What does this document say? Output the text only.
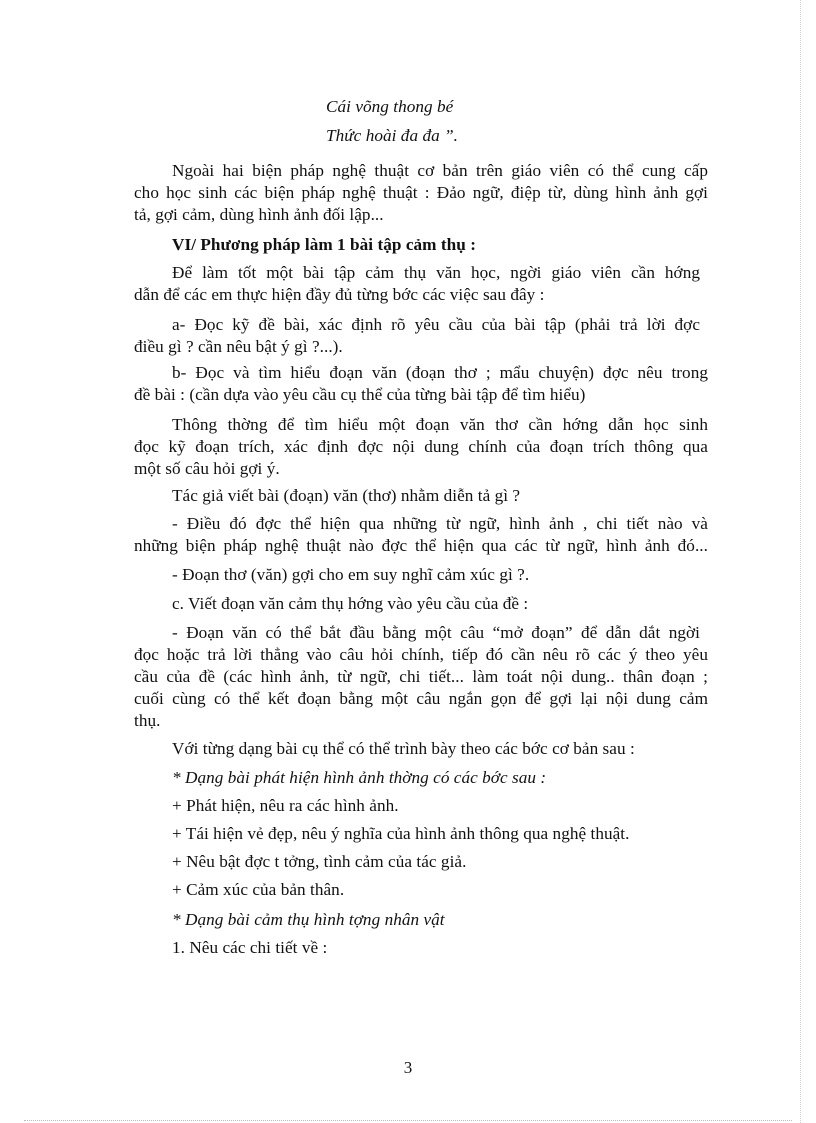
Cái võng thong bé
Thức hoài đa đa ”.
Ngoài hai biện pháp nghệ thuật cơ bản trên giáo viên có thể cung cấp
cho học sinh các biện pháp nghệ thuật : Đảo ngữ, điệp từ, dùng hình ảnh gợi
tả, gợi cảm, dùng hình ảnh đối lập...
VI/ Phương pháp làm 1 bài tập cảm thụ :
Để làm tốt một bài tập cảm thụ văn học, ngời giáo viên cần hớng
dẫn để các em thực hiện đầy đủ từng bớc các việc sau đây :
a- Đọc kỹ đề bài, xác định rõ yêu cầu của bài tập (phải trả lời đợc
điều gì ? cần nêu bật ý gì ?...).
b- Đọc và tìm hiểu đoạn văn (đoạn thơ ; mẩu chuyện) đợc nêu trong
đề bài : (cần dựa vào yêu cầu cụ thể của từng bài tập để tìm hiểu)
Thông thờng để tìm hiểu một đoạn văn thơ cần hớng dẫn học sinh
đọc kỹ đoạn trích, xác định đợc nội dung chính của đoạn trích thông qua
một số câu hỏi gợi ý.
Tác giả viết bài (đoạn) văn (thơ) nhằm diễn tả gì ?
- Điều đó đợc thể hiện qua những từ ngữ, hình ảnh , chi tiết nào và
những biện pháp nghệ thuật nào đợc thể hiện qua các từ ngữ, hình ảnh đó...
- Đoạn thơ (văn) gợi cho em suy nghĩ cảm xúc gì ?.
c. Viết đoạn văn cảm thụ hớng vào yêu cầu của đề :
- Đoạn văn có thể bắt đầu bằng một câu “mở đoạn” để dẫn dắt ngời
đọc hoặc trả lời thẳng vào câu hỏi chính, tiếp đó cần nêu rõ các ý theo yêu
cầu của đề (các hình ảnh, từ ngữ, chi tiết... làm toát nội dung.. thân đoạn ;
cuối cùng có thể kết đoạn bằng một câu ngắn gọn để gợi lại nội dung cảm
thụ.
Với từng dạng bài cụ thể có thể trình bày theo các bớc cơ bản sau :
* Dạng bài phát hiện hình ảnh thờng có các bớc sau :
+ Phát hiện, nêu ra các hình ảnh.
+ Tái hiện vẻ đẹp, nêu ý nghĩa của hình ảnh thông qua nghệ thuật.
+ Nêu bật đợc t tởng, tình cảm của tác giả.
+ Cảm xúc của bản thân.
* Dạng bài cảm thụ hình tợng nhân vật
1. Nêu các chi tiết về :
3
